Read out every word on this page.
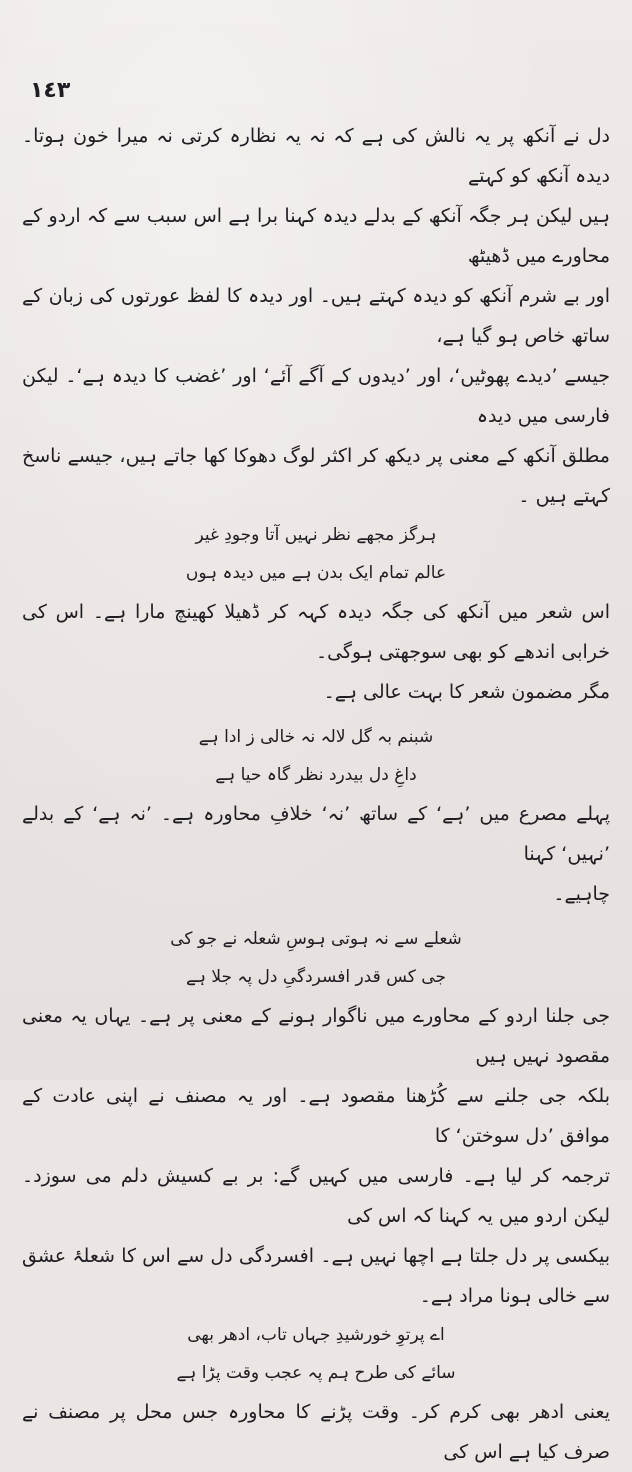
١٤٣

دل نے آنکھ پر یہ نالش کی ہے کہ نہ یہ نظارہ کرتی نہ میرا خون ہوتا۔ دیدہ آنکھ کو کہتے

ہیں لیکن ہر جگہ آنکھ کے بدلے دیدہ کہنا برا ہے اس سبب سے کہ اردو کے محاورے میں ڈھیٹھ

اور بے شرم آنکھ کو دیدہ کہتے ہیں۔ اور دیدہ کا لفظ عورتوں کی زبان کے ساتھ خاص ہو گیا ہے،

جیسے ’دیدے پھوٹیں‘، اور ’دیدوں کے آگے آئے‘ اور ’غضب کا دیدہ ہے‘۔ لیکن فارسی میں دیدہ

مطلق آنکھ کے معنی پر دیکھ کر اکثر لوگ دھوکا کھا جاتے ہیں، جیسے ناسخ کہتے ہیں ۔

ہرگز مجھے نظر نہیں آتا وجودِ غیر

عالم تمام ایک بدن ہے میں دیدہ ہوں

اس شعر میں آنکھ کی جگہ دیدہ کہہ کر ڈھیلا کھینچ مارا ہے۔ اس کی خرابی اندھے کو بھی سوجھتی ہوگی۔

مگر مضمون شعر کا بہت عالی ہے۔

شبنم بہ گل لالہ نہ خالی ز ادا ہے

داغِ دل بیدرد نظر گاہ حیا ہے

پہلے مصرع میں ’ہے‘ کے ساتھ ’نہ‘ خلافِ محاورہ ہے۔ ’نہ ہے‘ کے بدلے ’نہیں‘ کہنا

چاہیے۔

شعلے سے نہ ہوتی ہوسِ شعلہ نے جو کی

جی کس قدر افسردگیِ دل پہ جلا ہے

جی جلنا اردو کے محاورے میں ناگوار ہونے کے معنی پر ہے۔ یہاں یہ معنی مقصود نہیں ہیں

بلکہ جی جلنے سے کُڑھنا مقصود ہے۔ اور یہ مصنف نے اپنی عادت کے موافق ’دل سوختن‘ کا

ترجمہ کر لیا ہے۔ فارسی میں کہیں گے: بر بے کسیش دلم می سوزد۔ لیکن اردو میں یہ کہنا کہ اس کی

بیکسی پر دل جلتا ہے اچھا نہیں ہے۔ افسردگی دل سے اس کا شعلۂ عشق سے خالی ہونا مراد ہے۔

اے پرتوِ خورشیدِ جہاں تاب، ادھر بھی

سائے کی طرح ہم پہ عجب وقت پڑا ہے

یعنی ادھر بھی کرم کر۔ وقت پڑنے کا محاورہ جس محل پر مصنف نے صرف کیا ہے اس کی
